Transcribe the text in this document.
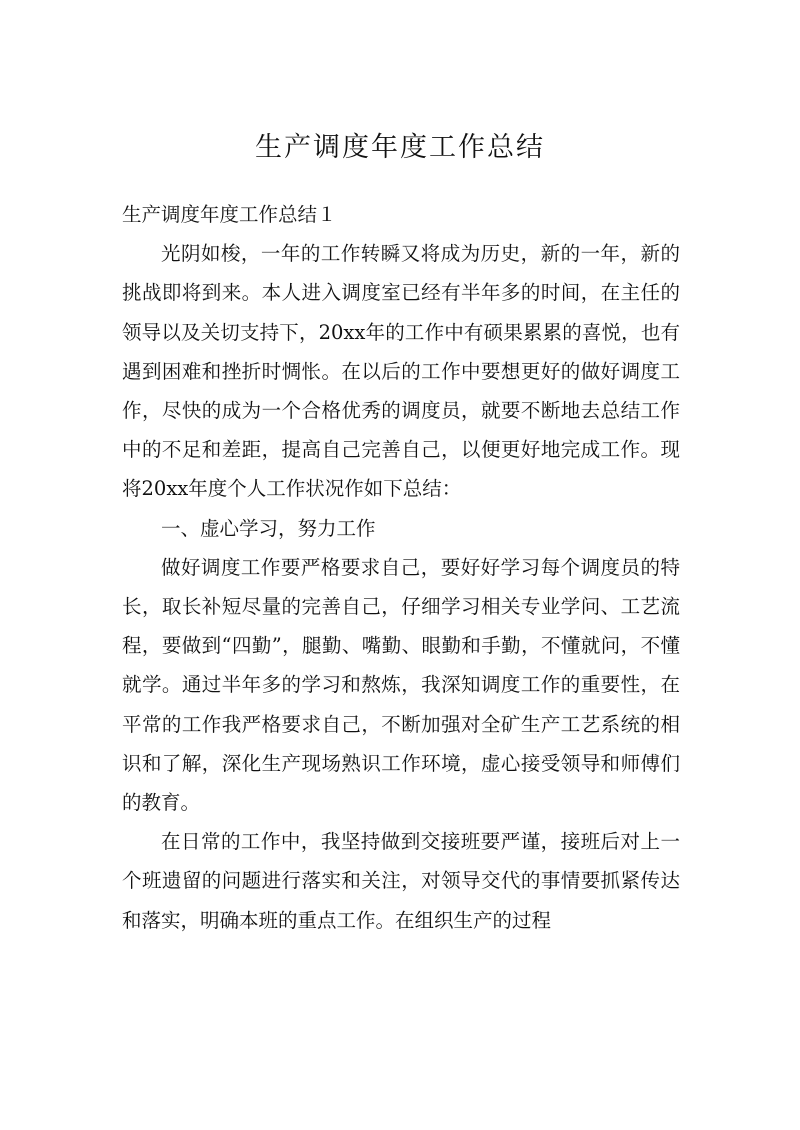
生产调度年度工作总结

生产调度年度工作总结１

光阴如梭，一年的工作转瞬又将成为历史，新的一年，新的挑战即将到来。本人进入调度室已经有半年多的时间，在主任的领导以及关切支持下，20xx年的工作中有硕果累累的喜悦，也有遇到困难和挫折时惆怅。在以后的工作中要想更好的做好调度工作，尽快的成为一个合格优秀的调度员，就要不断地去总结工作中的不足和差距，提高自己完善自己，以便更好地完成工作。现将20xx年度个人工作状况作如下总结：

一、虚心学习，努力工作

做好调度工作要严格要求自己，要好好学习每个调度员的特长，取长补短尽量的完善自己，仔细学习相关专业学问、工艺流程，要做到“四勤”，腿勤、嘴勤、眼勤和手勤，不懂就问，不懂就学。通过半年多的学习和熬炼，我深知调度工作的重要性，在平常的工作我严格要求自己，不断加强对全矿生产工艺系统的相识和了解，深化生产现场熟识工作环境，虚心接受领导和师傅们的教育。

在日常的工作中，我坚持做到交接班要严谨，接班后对上一个班遗留的问题进行落实和关注，对领导交代的事情要抓紧传达和落实，明确本班的重点工作。在组织生产的过程
